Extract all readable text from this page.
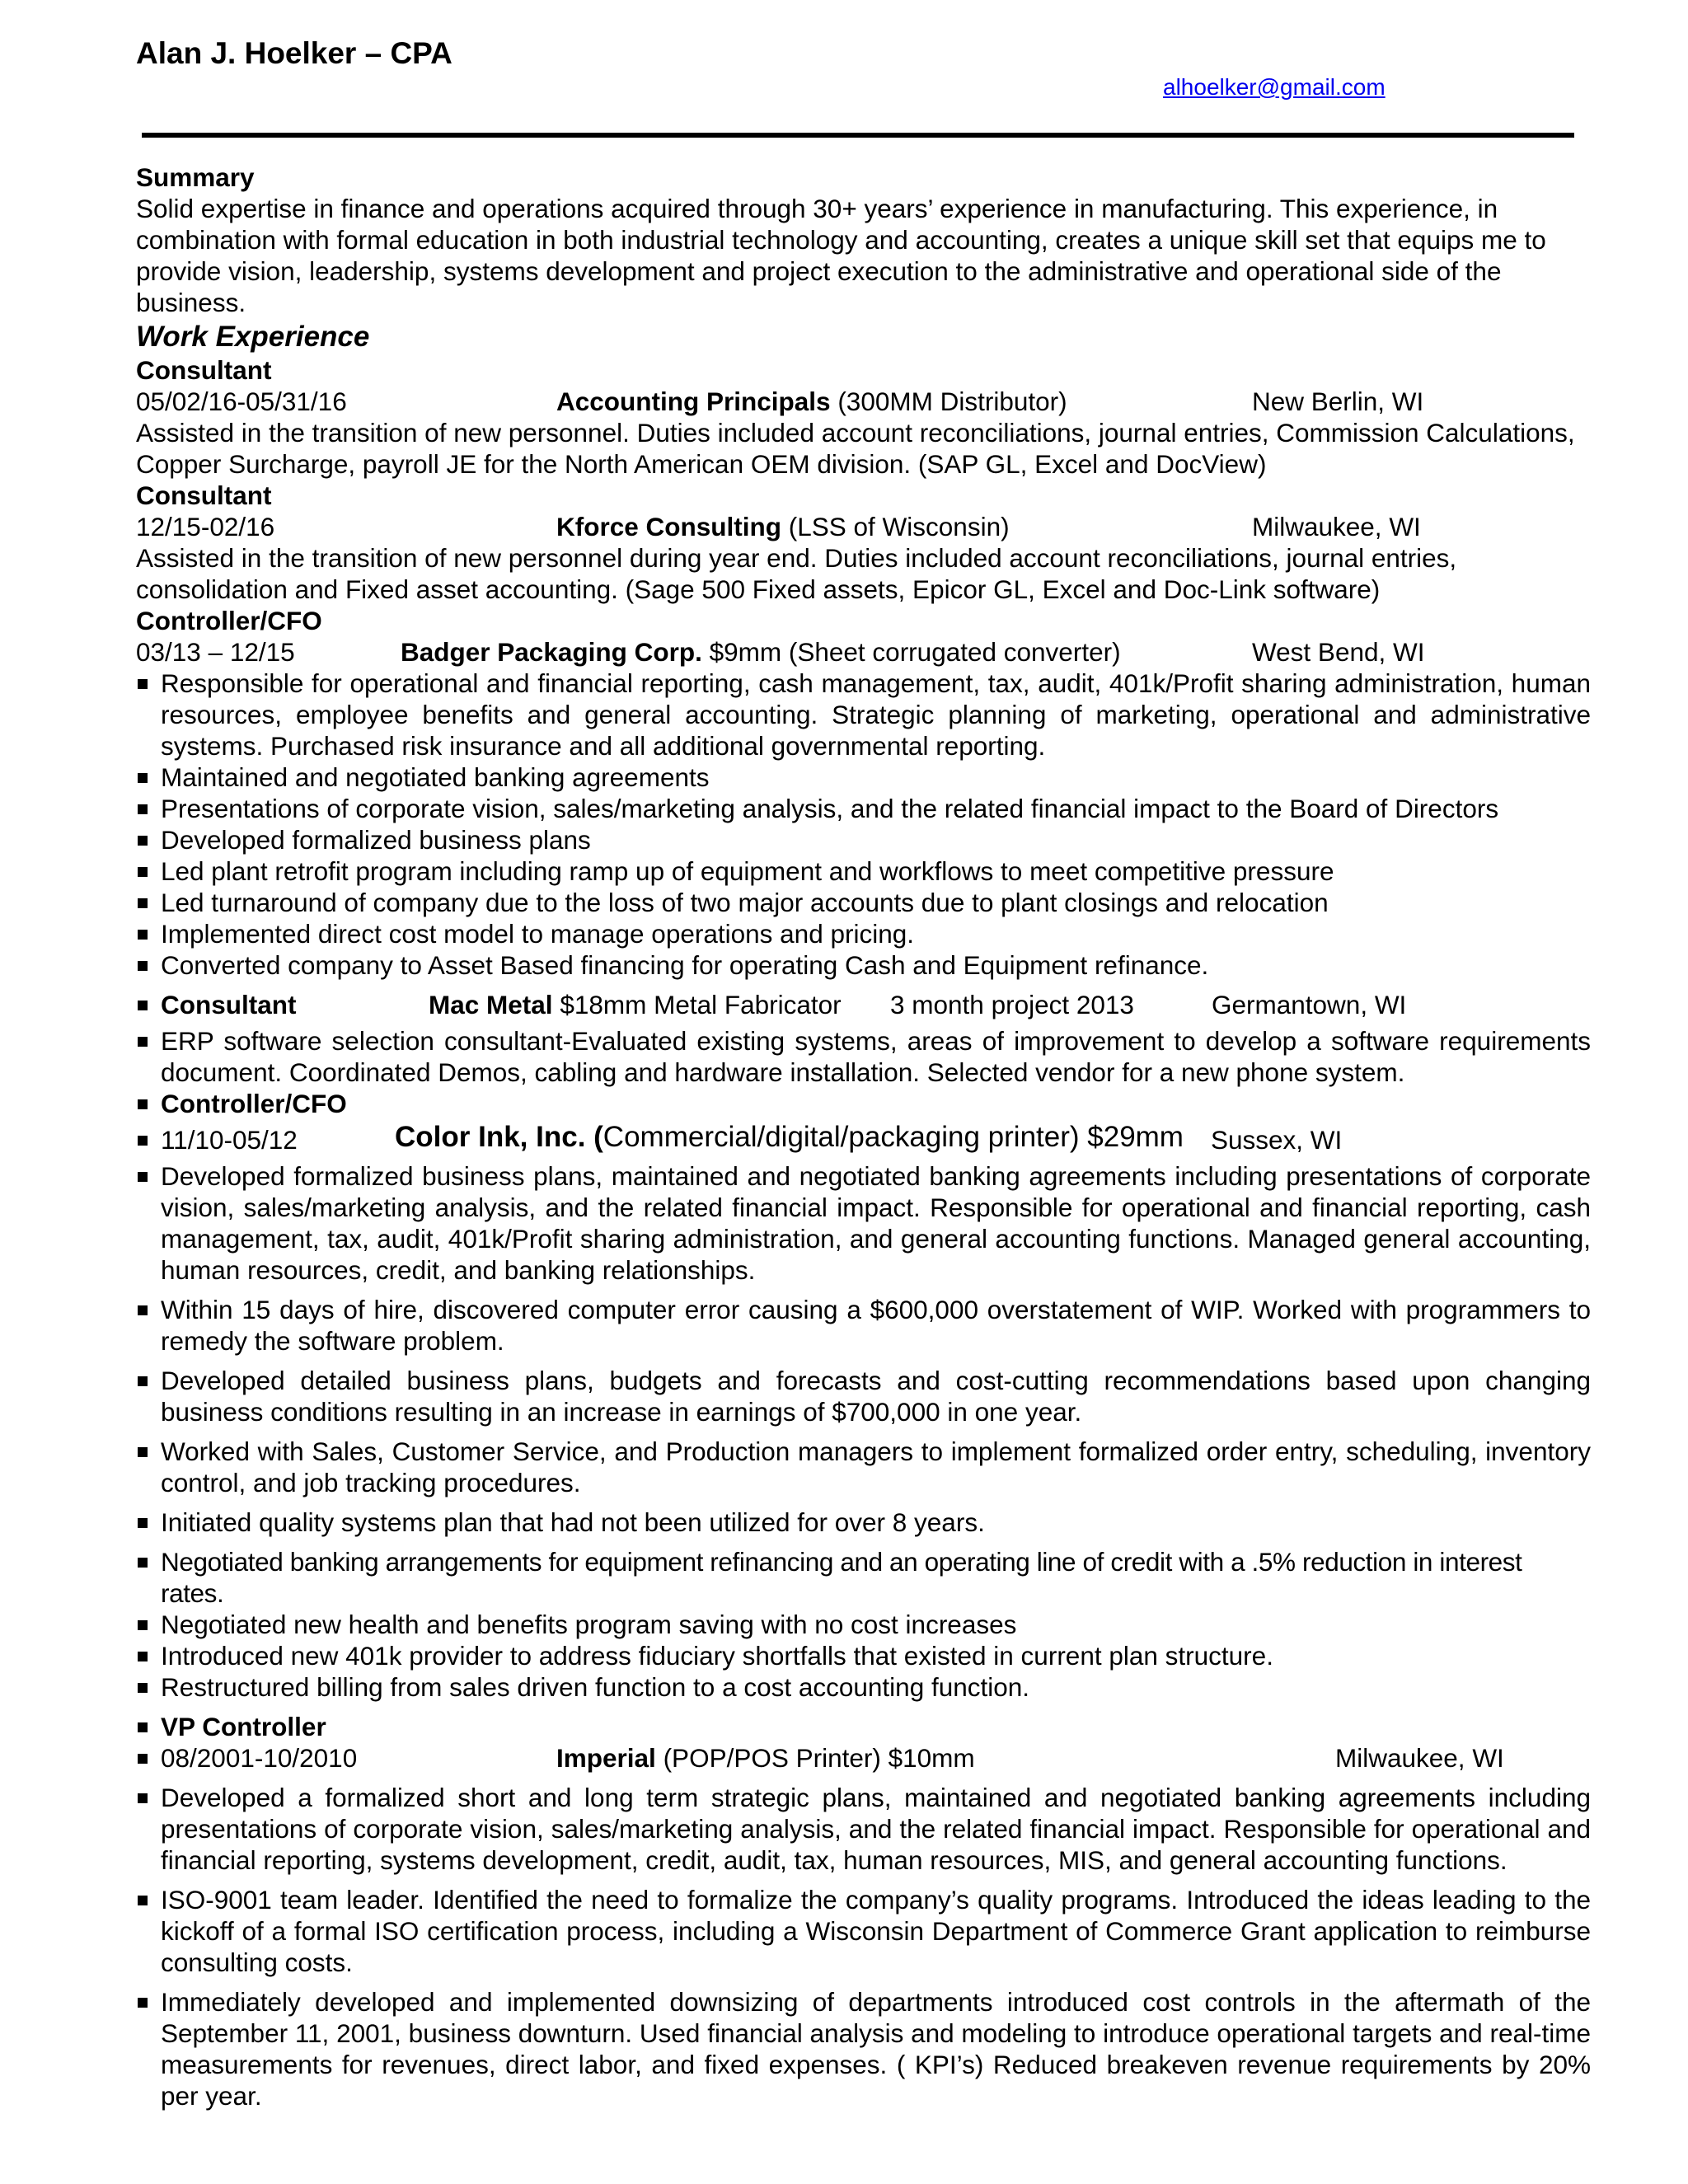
Alan J. Hoelker – CPA
alhoelker@gmail.com
Summary

Solid expertise in finance and operations acquired through 30+ years’ experience in manufacturing. This experience, in combination with formal education in both industrial technology and accounting, creates a unique skill set that equips me to provide vision, leadership, systems development and project execution to the administrative and operational side of the business.

Work Experience
Consultant
05/02/16-05/31/16	Accounting Principals (300MM Distributor)	New Berlin, WI

Assisted in the transition of new personnel. Duties included account reconciliations, journal entries, Commission Calculations, Copper Surcharge, payroll JE for the North American OEM division. (SAP GL, Excel and DocView)

Consultant
12/15-02/16	Kforce Consulting (LSS of Wisconsin)	Milwaukee, WI

Assisted in the transition of new personnel during year end. Duties included account reconciliations, journal entries, consolidation and Fixed asset accounting. (Sage 500 Fixed assets, Epicor GL, Excel and Doc-Link software)

Controller/CFO
03/13 – 12/15	Badger Packaging Corp. $9mm (Sheet corrugated converter)	West Bend, WI
Responsible for operational and financial reporting, cash management, tax, audit, 401k/Profit sharing administration, human resources, employee benefits and general accounting. Strategic planning of marketing, operational and administrative systems. Purchased risk insurance and all additional governmental reporting.
Maintained and negotiated banking agreements
Presentations of corporate vision, sales/marketing analysis, and the related financial impact to the Board of Directors
Developed formalized business plans
Led plant retrofit program including ramp up of equipment and workflows to meet competitive pressure
Led turnaround of company due to the loss of two major accounts due to plant closings and relocation
Implemented direct cost model to manage operations and pricing.
Converted company to Asset Based financing for operating Cash and Equipment refinance.
Consultant	Mac Metal $18mm Metal Fabricator 3 month project 2013	Germantown, WI
ERP software selection consultant-Evaluated existing systems, areas of improvement to develop a software requirements document. Coordinated Demos, cabling and hardware installation. Selected vendor for a new phone system.
Controller/CFO
11/10-05/12	Color Ink, Inc. (Commercial/digital/packaging printer) $29mm Sussex, WI
Developed formalized business plans, maintained and negotiated banking agreements including presentations of corporate vision, sales/marketing analysis, and the related financial impact. Responsible for operational and financial reporting, cash management, tax, audit, 401k/Profit sharing administration, and general accounting functions. Managed general accounting, human resources, credit, and banking relationships.
Within 15 days of hire, discovered computer error causing a $600,000 overstatement of WIP. Worked with programmers to remedy the software problem.
Developed detailed business plans, budgets and forecasts and cost-cutting recommendations based upon changing business conditions resulting in an increase in earnings of $700,000 in one year.
Worked with Sales, Customer Service, and Production managers to implement formalized order entry, scheduling, inventory control, and job tracking procedures.
Initiated quality systems plan that had not been utilized for over 8 years.
Negotiated banking arrangements for equipment refinancing and an operating line of credit with a .5% reduction in interest rates.
Negotiated new health and benefits program saving with no cost increases
Introduced new 401k provider to address fiduciary shortfalls that existed in current plan structure.
Restructured billing from sales driven function to a cost accounting function.
VP Controller
08/2001-10/2010	Imperial (POP/POS Printer) $10mm	Milwaukee, WI
Developed a formalized short and long term strategic plans, maintained and negotiated banking agreements including presentations of corporate vision, sales/marketing analysis, and the related financial impact. Responsible for operational and financial reporting, systems development, credit, audit, tax, human resources, MIS, and general accounting functions.
ISO-9001 team leader. Identified the need to formalize the company’s quality programs. Introduced the ideas leading to the kickoff of a formal ISO certification process, including a Wisconsin Department of Commerce Grant application to reimburse consulting costs.
Immediately developed and implemented downsizing of departments introduced cost controls in the aftermath of the September 11, 2001, business downturn. Used financial analysis and modeling to introduce operational targets and real-time measurements for revenues, direct labor, and fixed expenses. ( KPI’s) Reduced breakeven revenue requirements by 20% per year.
